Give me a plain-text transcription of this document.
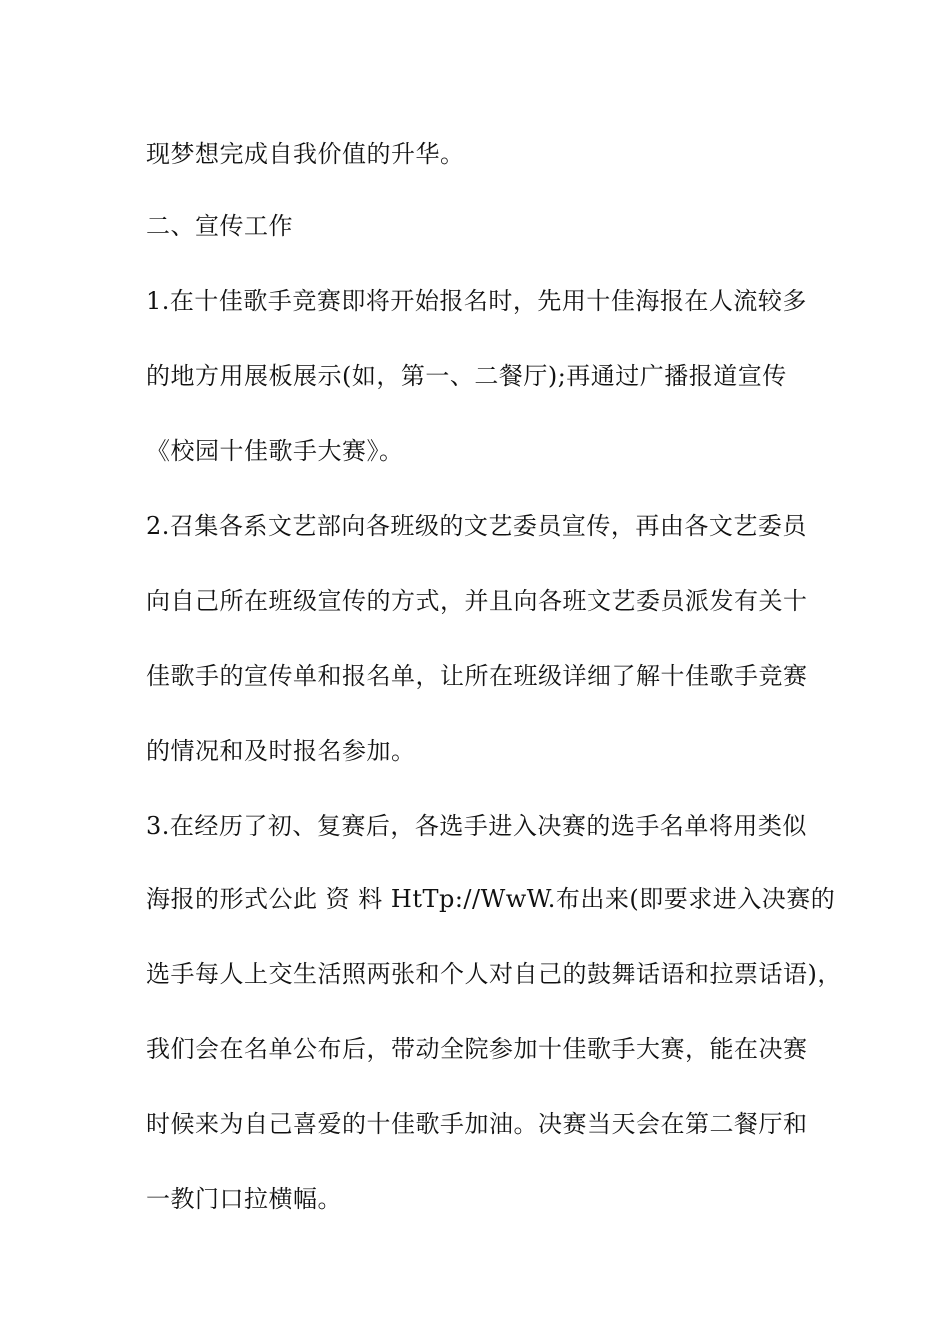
现梦想完成自我价值的升华。
二、宣传工作
1.在十佳歌手竞赛即将开始报名时，先用十佳海报在人流较多
的地方用展板展示(如，第一、二餐厅);再通过广播报道宣传
《校园十佳歌手大赛》。
2.召集各系文艺部向各班级的文艺委员宣传，再由各文艺委员
向自己所在班级宣传的方式，并且向各班文艺委员派发有关十
佳歌手的宣传单和报名单，让所在班级详细了解十佳歌手竞赛
的情况和及时报名参加。
3.在经历了初、复赛后，各选手进入决赛的选手名单将用类似
海报的形式公此 资 料 HtTp://WwW.布出来(即要求进入决赛的
选手每人上交生活照两张和个人对自己的鼓舞话语和拉票话语)，
我们会在名单公布后，带动全院参加十佳歌手大赛，能在决赛
时候来为自己喜爱的十佳歌手加油。决赛当天会在第二餐厅和
一教门口拉横幅。
